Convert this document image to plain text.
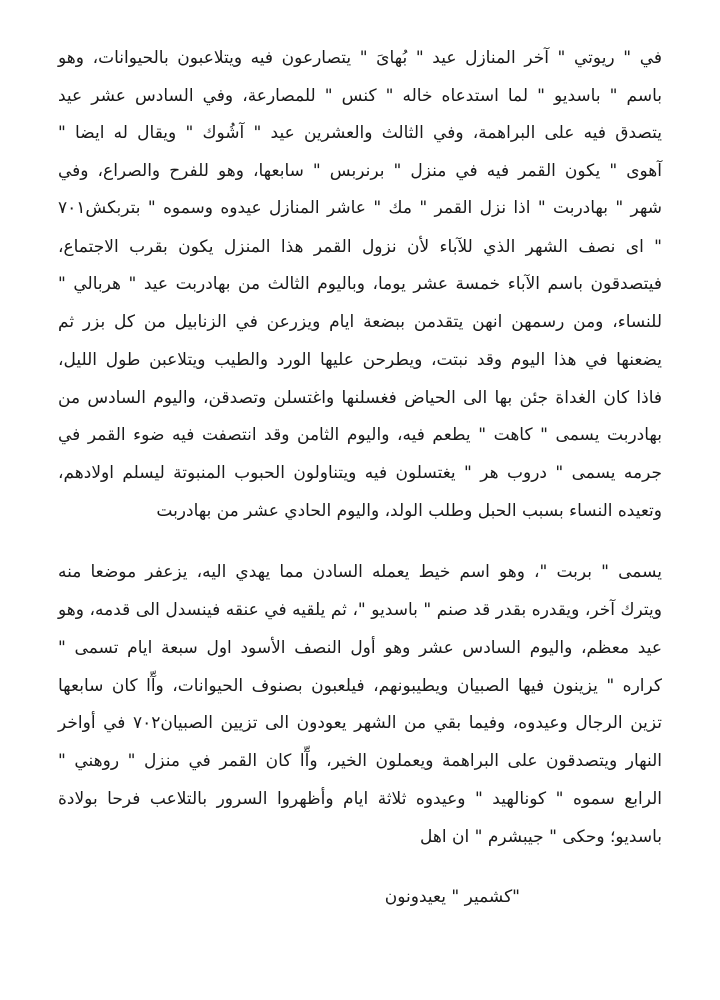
في " ريوتي " آخر المنازل عيد " بُهاىَ " يتصارعون فيه ويتلاعبون بالحيوانات، وهو
باسم " باسديو " لما استدعاه خاله " كنس " للمصارعة، وفي السادس عشر عيد
يتصدق فيه على البراهمة، وفي الثالث والعشرين عيد " آشُوك " ويقال له ايضا "
آهوى " يكون القمر فيه في منزل " برنربس " سابعها، وهو للفرح والصراع، وفي
شهر " بهادربت " اذا نزل القمر " مك " عاشر المنازل عيدوه وسموه " بتربكش٧٠١
" اى نصف الشهر الذي للآباء لأن نزول القمر هذا المنزل يكون بقرب الاجتماع،
فيتصدقون باسم الآباء خمسة عشر يوما، وباليوم الثالث من بهادربت عيد " هربالي "
للنساء، ومن رسمهن انهن يتقدمن ببضعة ايام ويزرعن في الزنابيل من كل بزر ثم
يضعنها في هذا اليوم وقد نبتت، ويطرحن عليها الورد والطيب ويتلاعبن طول الليل،
فاذا كان الغداة جئن بها الى الحياض فغسلنها واغتسلن وتصدقن، واليوم السادس من
بهادربت يسمى " كاهت " يطعم فيه، واليوم الثامن وقد انتصفت فيه ضوء القمر في
جرمه يسمى " دروب هر " يغتسلون فيه ويتناولون الحبوب المنبوتة ليسلم اولادهم،
وتعيده النساء بسبب الحبل وطلب الولد، واليوم الحادي عشر من بهادربت
يسمى " بربت "، وهو اسم خيط يعمله السادن مما يهدي اليه، يزعفر موضعا منه
ويترك آخر، ويقدره بقدر قد صنم " باسديو "، ثم يلقيه في عنقه فينسدل الى قدمه، وهو
عيد معظم، واليوم السادس عشر وهو أول النصف الأسود اول سبعة ايام تسمى "
كراره " يزينون فيها الصبيان ويطيبونهم، فيلعبون بصنوف الحيوانات، وآّا كان سابعها
تزين الرجال وعيدوه، وفيما بقي من الشهر يعودون الى تزيين الصبيان٧٠٢ في أواخر
النهار ويتصدقون على البراهمة ويعملون الخير، وآّا كان القمر في منزل " روهني "
الرابع سموه " كونالهيد " وعيدوه ثلاثة ايام وأظهروا السرور بالتلاعب فرحا بولادة
باسديو؛ وحكى " جيبشرم " ان اهل
"كشمير " يعيدونون
